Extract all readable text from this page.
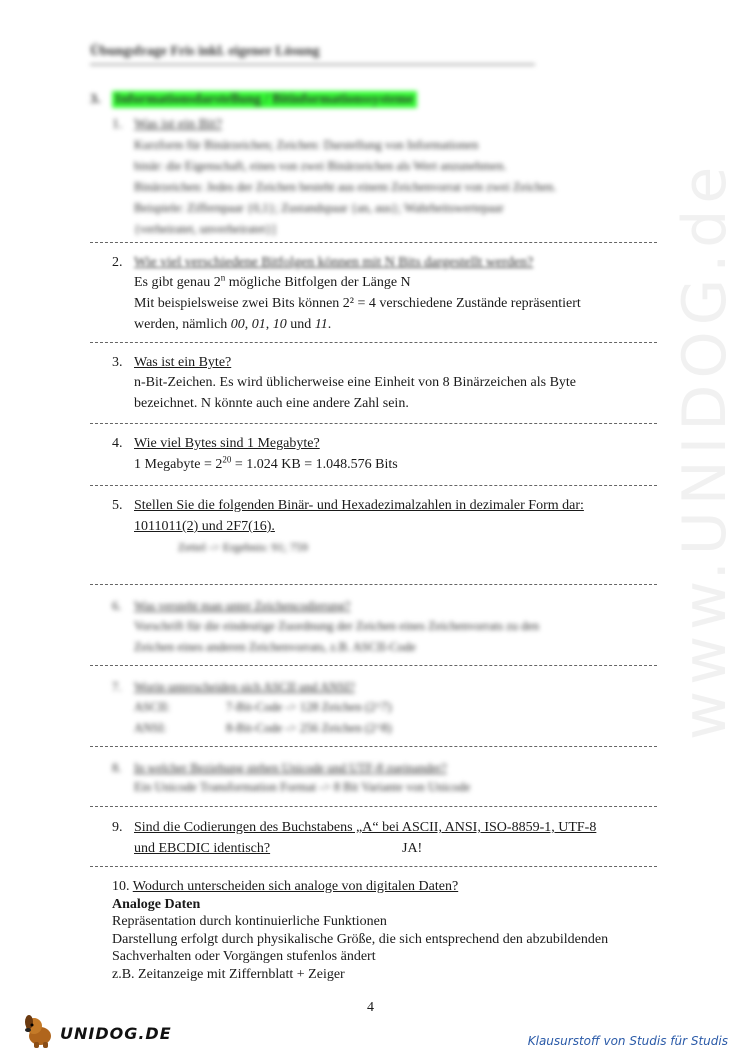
www.UNIDOG.de
Übungsfrage Fris inkl. eigener Lösung
3. Informationsdarstellung / Bitinformationssysteme
1. Was ist ein Bit?
Kurzform für Binärzeichen; Zeichen: Darstellung von Informationen
binär: die Eigenschaft, eines von zwei Binärzeichen als Wert anzunehmen.
Binärzeichen: Jedes der Zeichen besteht aus einem Zeichenvorrat von zwei Zeichen.
Beispiele: Ziffernpaar {0,1}; Zustandspaar {an, aus}; Wahrheitswertepaar
{verheiratet, unverheiratet}]
2. Wie viel verschiedene Bitfolgen können mit N Bits dargestellt werden?
Es gibt genau 2$^n$ mögliche Bitfolgen der Länge N
Mit beispielsweise zwei Bits können 2² = 4 verschiedene Zustände repräsentiert
werden, nämlich 00, 01, 10 und 11.
3. Was ist ein Byte?
n-Bit-Zeichen. Es wird üblicherweise eine Einheit von 8 Binärzeichen als Byte
bezeichnet. N könnte auch eine andere Zahl sein.
4. Wie viel Bytes sind 1 Megabyte?
1 Megabyte = $2^{20} = 1.024$ KB = 1.048.576 Bits
5. Stellen Sie die folgenden Binär- und Hexadezimalzahlen in dezimaler Form dar:
1011011(2) und 2F7(16).
Zettel -> Ergebnis: 91; 759
6. Was versteht man unter Zeichencodierung?
Vorschrift für die eindeutige Zuordnung der Zeichen eines Zeichenvorrats zu den
Zeichen eines anderen Zeichenvorrats, z.B. ASCII-Code
7. Worin unterscheiden sich ASCII und ANSI?
ASCII:	7-Bit-Code -> 128 Zeichen (2^7)
ANSI:	8-Bit-Code -> 256 Zeichen (2^8)
8. In welcher Beziehung stehen Unicode und UTF-8 zueinander?
Ein Unicode Transformation Format -> 8 Bit Variante von Unicode
9. Sind die Codierungen des Buchstabens „A“ bei ASCII, ANSI, ISO-8859-1, UTF-8
und EBCDIC identisch?	JA!
10. Wodurch unterscheiden sich analoge von digitalen Daten?
Analoge Daten
Repräsentation durch kontinuierliche Funktionen
Darstellung erfolgt durch physikalische Größe, die sich entsprechend den abzubildenden
Sachverhalten oder Vorgängen stufenlos ändert
z.B. Zeitanzeige mit Ziffernblatt + Zeiger
4
UNIDOG.DE	Klausurstoff von Studis für Studis
